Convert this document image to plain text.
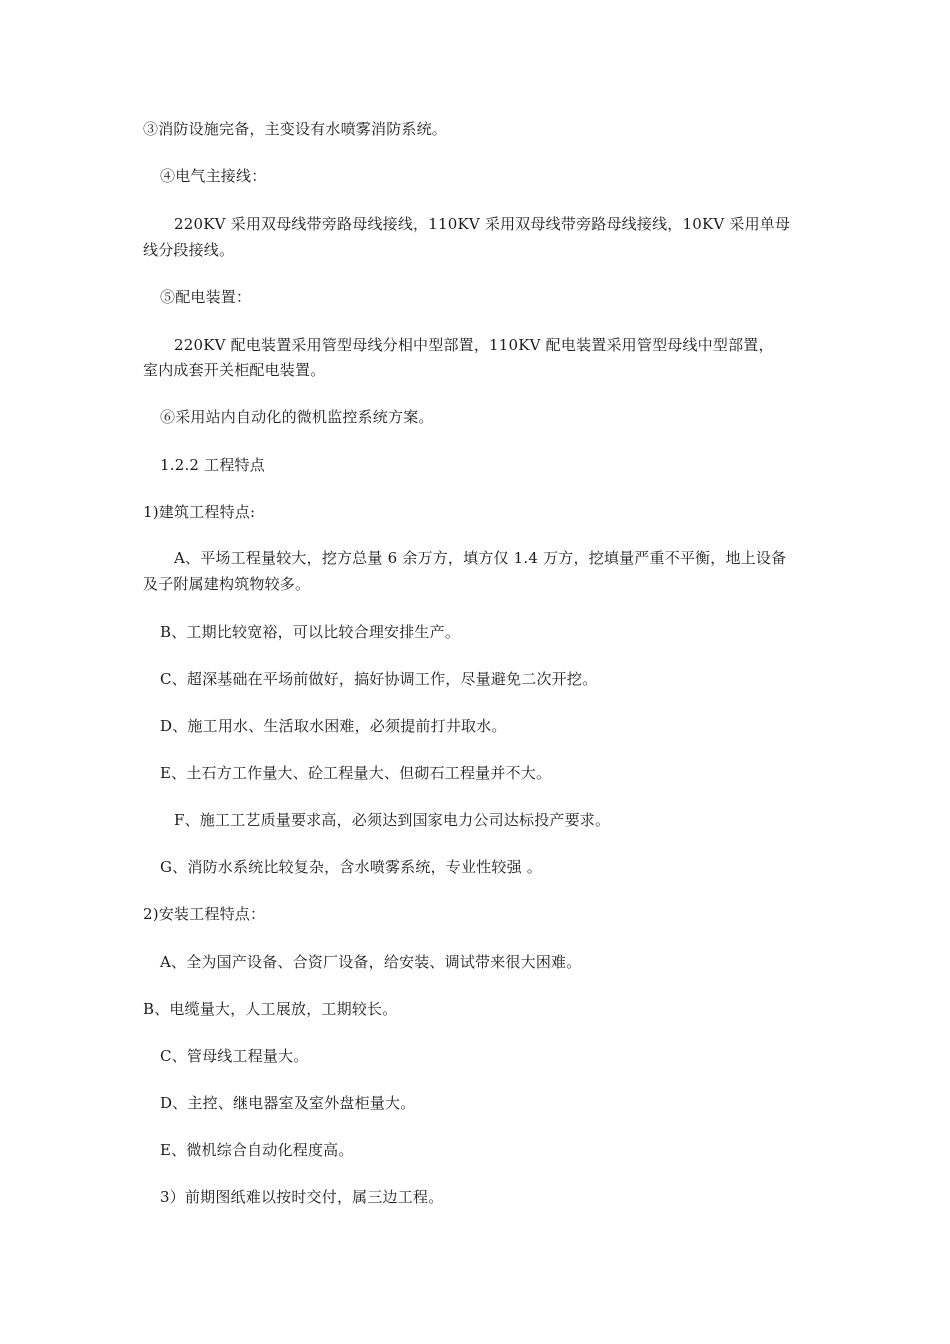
③消防设施完备，主变设有水喷雾消防系统。
④电气主接线：
220KV 采用双母线带旁路母线接线，110KV 采用双母线带旁路母线接线，10KV 采用单母
线分段接线。
⑤配电装置：
220KV 配电装置采用管型母线分相中型部置，110KV 配电装置采用管型母线中型部置，
室内成套开关柜配电装置。
⑥采用站内自动化的微机监控系统方案。
1.2.2 工程特点
1)建筑工程特点:
A、平场工程量较大，挖方总量 6 余万方，填方仅 1.4 万方，挖填量严重不平衡，地上设备
及子附属建构筑物较多。
B、工期比较宽裕，可以比较合理安排生产。
C、超深基础在平场前做好，搞好协调工作，尽量避免二次开挖。
D、施工用水、生活取水困难，必须提前打井取水。
E、土石方工作量大、砼工程量大、但砌石工程量并不大。
F、施工工艺质量要求高，必须达到国家电力公司达标投产要求。
G、消防水系统比较复杂，含水喷雾系统，专业性较强 。
2)安装工程特点：
A、全为国产设备、合资厂设备，给安装、调试带来很大困难。
B、电缆量大，人工展放，工期较长。
C、管母线工程量大。
D、主控、继电器室及室外盘柜量大。
E、微机综合自动化程度高。
3）前期图纸难以按时交付，属三边工程。
